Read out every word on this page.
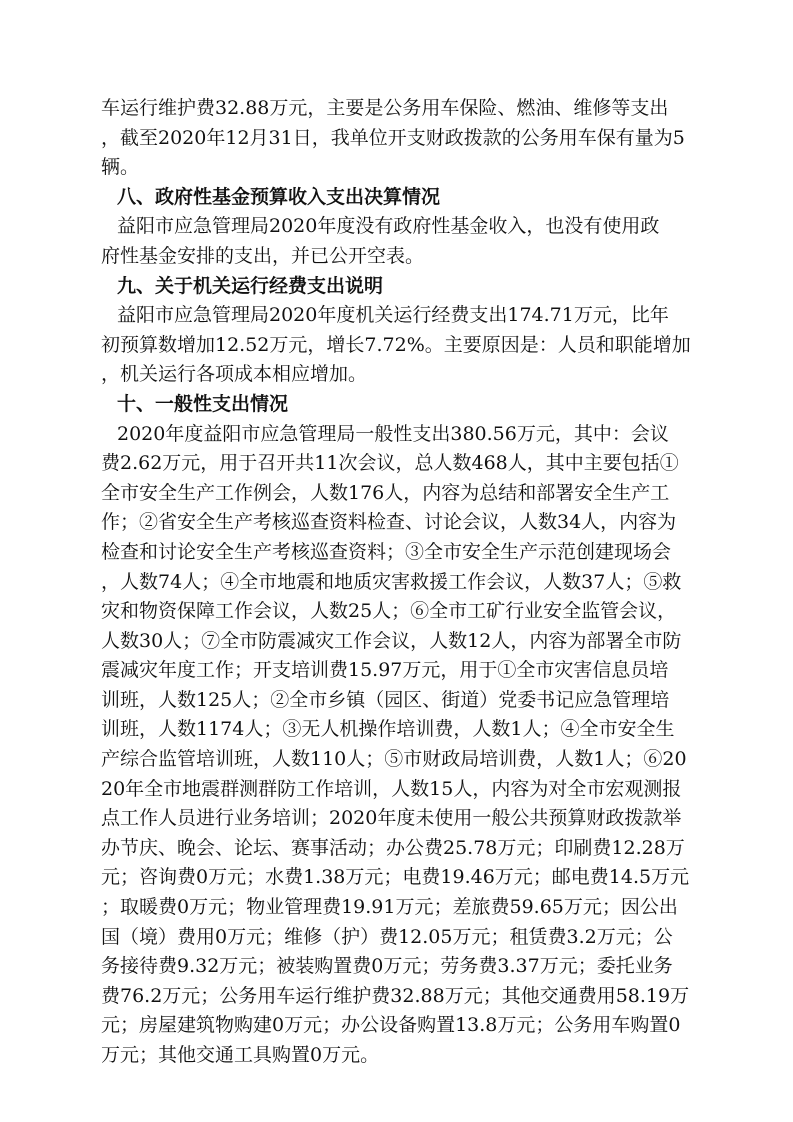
车运行维护费32.88万元，主要是公务用车保险、燃油、维修等支出
，截至2020年12月31日，我单位开支财政拨款的公务用车保有量为5
辆。
八、政府性基金预算收入支出决算情况
益阳市应急管理局2020年度没有政府性基金收入，也没有使用政
府性基金安排的支出，并已公开空表。
九、关于机关运行经费支出说明
益阳市应急管理局2020年度机关运行经费支出174.71万元，比年
初预算数增加12.52万元，增长7.72%。主要原因是：人员和职能增加
，机关运行各项成本相应增加。
十、一般性支出情况
2020年度益阳市应急管理局一般性支出380.56万元，其中：会议
费2.62万元，用于召开共11次会议，总人数468人，其中主要包括①
全市安全生产工作例会，人数176人，内容为总结和部署安全生产工
作；②省安全生产考核巡查资料检查、讨论会议，人数34人，内容为
检查和讨论安全生产考核巡查资料；③全市安全生产示范创建现场会
，人数74人；④全市地震和地质灾害救援工作会议，人数37人；⑤救
灾和物资保障工作会议，人数25人；⑥全市工矿行业安全监管会议，
人数30人；⑦全市防震减灾工作会议，人数12人，内容为部署全市防
震减灾年度工作；开支培训费15.97万元，用于①全市灾害信息员培
训班，人数125人；②全市乡镇（园区、街道）党委书记应急管理培
训班，人数1174人；③无人机操作培训费，人数1人；④全市安全生
产综合监管培训班，人数110人；⑤市财政局培训费，人数1人；⑥20
20年全市地震群测群防工作培训，人数15人，内容为对全市宏观测报
点工作人员进行业务培训；2020年度未使用一般公共预算财政拨款举
办节庆、晚会、论坛、赛事活动；办公费25.78万元；印刷费12.28万
元；咨询费0万元；水费1.38万元；电费19.46万元；邮电费14.5万元
；取暖费0万元；物业管理费19.91万元；差旅费59.65万元；因公出
国（境）费用0万元；维修（护）费12.05万元；租赁费3.2万元；公
务接待费9.32万元；被装购置费0万元；劳务费3.37万元；委托业务
费76.2万元；公务用车运行维护费32.88万元；其他交通费用58.19万
元；房屋建筑物购建0万元；办公设备购置13.8万元；公务用车购置0
万元；其他交通工具购置0万元。
